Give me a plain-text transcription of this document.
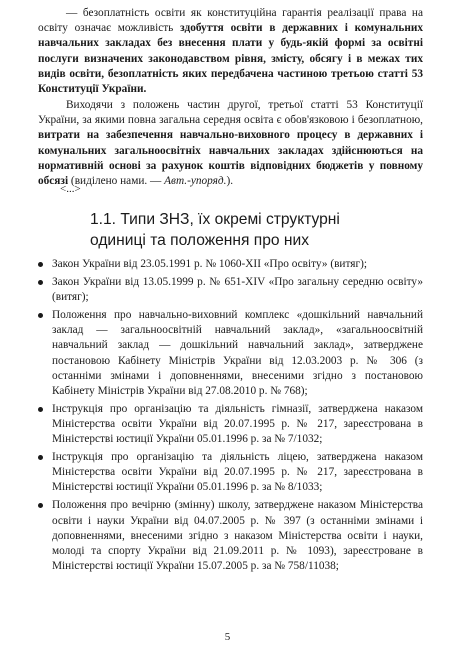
— безоплатність освіти як конституційна гарантія реалізації права на освіту означає можливість здобуття освіти в державних і комунальних навчальних закладах без внесення плати у будь-якій формі за освітні послуги визначених законодавством рівня, змісту, обсягу і в межах тих видів освіти, безоплатність яких передбачена частиною третьою статті 53 Конституції України.

Виходячи з положень частин другої, третьої статті 53 Конституції України, за якими повна загальна середня освіта є обов'язковою і безоплатною, витрати на забезпечення навчально-виховного процесу в державних і комунальних загальноосвітніх навчальних закладах здійснюються на нормативній основі за рахунок коштів відповідних бюджетів у повному обсязі (виділено нами. — Авт.-упоряд.).

<...>
1.1. Типи ЗНЗ, їх окремі структурні одиниці та положення про них
Закон України від 23.05.1991 р. № 1060-XII «Про освіту» (витяг);
Закон України від 13.05.1999 р. № 651-XIV «Про загальну середню освіту» (витяг);
Положення про навчально-виховний комплекс «дошкільний навчальний заклад — загальноосвітній навчальний заклад», «загальноосвітній навчальний заклад — дошкільний навчальний заклад», затверджене постановою Кабінету Міністрів України від 12.03.2003 р. № 306 (з останніми змінами і доповненнями, внесеними згідно з постановою Кабінету Міністрів України від 27.08.2010 р. № 768);
Інструкція про організацію та діяльність гімназії, затверджена наказом Міністерства освіти України від 20.07.1995 р. № 217, зареєстрована в Міністерстві юстиції України 05.01.1996 р. за № 7/1032;
Інструкція про організацію та діяльність ліцею, затверджена наказом Міністерства освіти України від 20.07.1995 р. № 217, зареєстрована в Міністерстві юстиції України 05.01.1996 р. за № 8/1033;
Положення про вечірню (змінну) школу, затверджене наказом Міністерства освіти і науки України від 04.07.2005 р. № 397 (з останніми змінами і доповненнями, внесеними згідно з наказом Міністерства освіти і науки, молоді та спорту України від 21.09.2011 р. № 1093), зареєстроване в Міністерстві юстиції України 15.07.2005 р. за № 758/11038;
5
